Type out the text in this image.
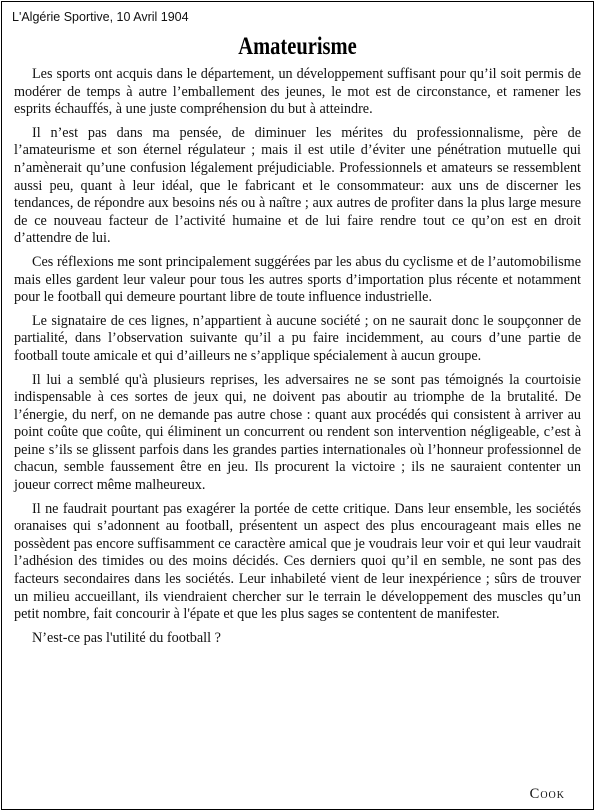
L'Algérie Sportive, 10 Avril 1904
Amateurisme

Les sports ont acquis dans le département, un développement suffisant pour qu’il soit permis de modérer de temps à autre l’emballement des jeunes, le mot est de circonstance, et ramener les esprits échauffés, à une juste compréhension du but à atteindre.

Il n’est pas dans ma pensée, de diminuer les mérites du professionnalisme, père de l’amateurisme et son éternel régulateur ; mais il est utile d’éviter une pénétration mutuelle qui n’amènerait qu’une confusion légalement préjudiciable. Professionnels et amateurs se ressemblent aussi peu, quant à leur idéal, que le fabricant et le consommateur: aux uns de discerner les tendances, de répondre aux besoins nés ou à naître ; aux autres de profiter dans la plus large mesure de ce nouveau facteur de l’activité humaine et de lui faire rendre tout ce qu’on est en droit d’attendre de lui.

Ces réflexions me sont principalement suggérées par les abus du cyclisme et de l’automobilisme mais elles gardent leur valeur pour tous les autres sports d’importation plus récente et notamment pour le football qui demeure pourtant libre de toute influence industrielle.

Le signataire de ces lignes, n’appartient à aucune société ; on ne saurait donc le soupçonner de partialité, dans l’observation suivante qu’il a pu faire incidemment, au cours d’une partie de football toute amicale et qui d’ailleurs ne s’applique spécialement à aucun groupe.

Il lui a semblé qu'à plusieurs reprises, les adversaires ne se sont pas témoignés la courtoisie indispensable à ces sortes de jeux qui, ne doivent pas aboutir au triomphe de la brutalité. De l’énergie, du nerf, on ne demande pas autre chose : quant aux procédés qui consistent à arriver au point coûte que coûte, qui éliminent un concurrent ou rendent son intervention négligeable, c’est à peine s’ils se glissent parfois dans les grandes parties internationales où l’honneur professionnel de chacun, semble faussement être en jeu. Ils procurent la victoire ; ils ne sauraient contenter un joueur correct même malheureux.

Il ne faudrait pourtant pas exagérer la portée de cette critique. Dans leur ensemble, les sociétés oranaises qui s’adonnent au football, présentent un aspect des plus encourageant mais elles ne possèdent pas encore suffisamment ce caractère amical que je voudrais leur voir et qui leur vaudrait l’adhésion des timides ou des moins décidés. Ces derniers quoi qu’il en semble, ne sont pas des facteurs secondaires dans les sociétés. Leur inhabileté vient de leur inexpérience ; sûrs de trouver un milieu accueillant, ils viendraient chercher sur le terrain le développement des muscles qu’un petit nombre, fait concourir à l'épate et que les plus sages se contentent de manifester.

N’est-ce pas l'utilité du football ?

Cook
